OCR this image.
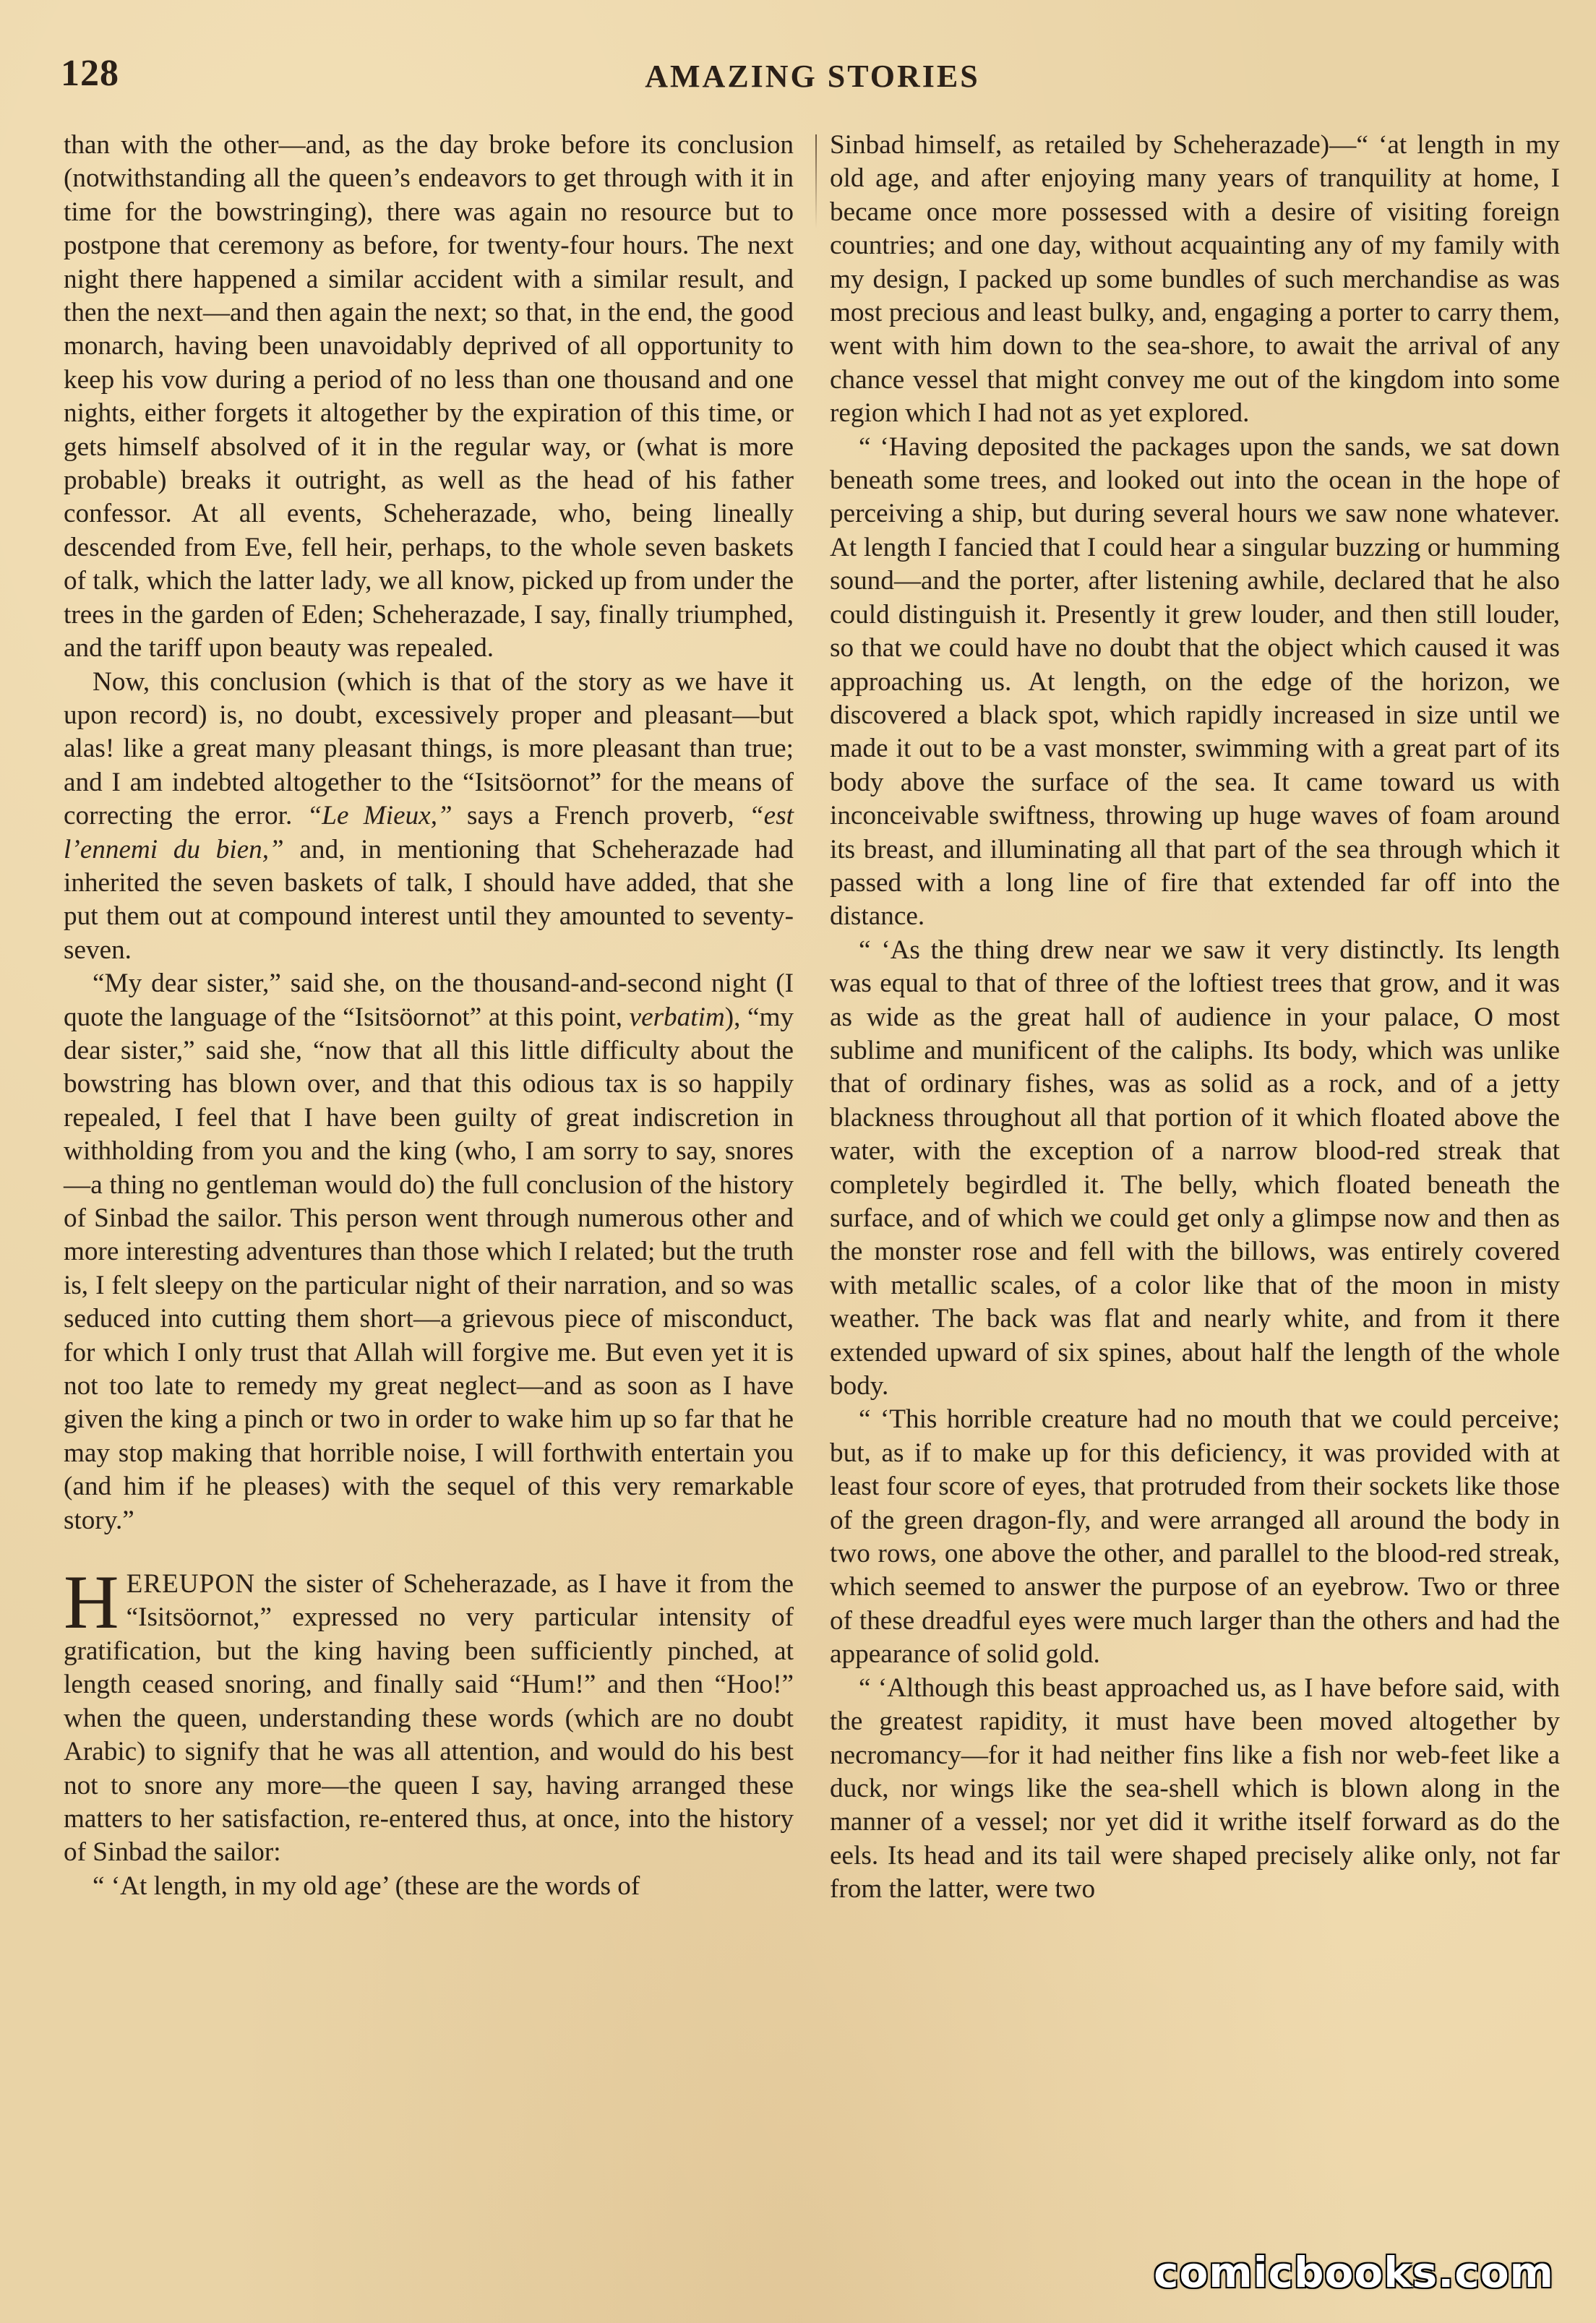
128	AMAZING STORIES

than with the other—and, as the day broke before its conclusion (notwithstanding all the queen’s endeavors to get through with it in time for the bowstringing), there was again no resource but to postpone that ceremony as before, for twenty-four hours. The next night there happened a similar accident with a similar result, and then the next—and then again the next; so that, in the end, the good monarch, having been unavoidably deprived of all opportunity to keep his vow during a period of no less than one thousand and one nights, either forgets it altogether by the expiration of this time, or gets himself absolved of it in the regular way, or (what is more probable) breaks it outright, as well as the head of his father confessor. At all events, Scheherazade, who, being lineally descended from Eve, fell heir, perhaps, to the whole seven baskets of talk, which the latter lady, we all know, picked up from under the trees in the garden of Eden; Scheherazade, I say, finally triumphed, and the tariff upon beauty was repealed.

Now, this conclusion (which is that of the story as we have it upon record) is, no doubt, excessively proper and pleasant—but alas! like a great many pleasant things, is more pleasant than true; and I am indebted altogether to the “Isitsöornot” for the means of correcting the error. “Le Mieux,” says a French proverb, “est l’ennemi du bien,” and, in mentioning that Scheherazade had inherited the seven baskets of talk, I should have added, that she put them out at compound interest until they amounted to seventy-seven.

“My dear sister,” said she, on the thousand-and-second night (I quote the language of the “Isitsöornot” at this point, verbatim), “my dear sister,” said she, “now that all this little difficulty about the bowstring has blown over, and that this odious tax is so happily repealed, I feel that I have been guilty of great indiscretion in withholding from you and the king (who, I am sorry to say, snores—a thing no gentleman would do) the full conclusion of the history of Sinbad the sailor. This person went through numerous other and more interesting adventures than those which I related; but the truth is, I felt sleepy on the particular night of their narration, and so was seduced into cutting them short—a grievous piece of misconduct, for which I only trust that Allah will forgive me. But even yet it is not too late to remedy my great neglect—and as soon as I have given the king a pinch or two in order to wake him up so far that he may stop making that horrible noise, I will forthwith entertain you (and him if he pleases) with the sequel of this very remarkable story.”

HEREUPON the sister of Scheherazade, as I have it from the “Isitsöornot,” expressed no very particular intensity of gratification, but the king having been sufficiently pinched, at length ceased snoring, and finally said “Hum!” and then “Hoo!” when the queen, understanding these words (which are no doubt Arabic) to signify that he was all attention, and would do his best not to snore any more—the queen I say, having arranged these matters to her satisfaction, re-entered thus, at once, into the history of Sinbad the sailor:

“ ‘At length, in my old age’ (these are the words of

Sinbad himself, as retailed by Scheherazade)—“ ‘at length in my old age, and after enjoying many years of tranquility at home, I became once more possessed with a desire of visiting foreign countries; and one day, without acquainting any of my family with my design, I packed up some bundles of such merchandise as was most precious and least bulky, and, engaging a porter to carry them, went with him down to the sea-shore, to await the arrival of any chance vessel that might convey me out of the kingdom into some region which I had not as yet explored.

“ ‘Having deposited the packages upon the sands, we sat down beneath some trees, and looked out into the ocean in the hope of perceiving a ship, but during several hours we saw none whatever. At length I fancied that I could hear a singular buzzing or humming sound—and the porter, after listening awhile, declared that he also could distinguish it. Presently it grew louder, and then still louder, so that we could have no doubt that the object which caused it was approaching us. At length, on the edge of the horizon, we discovered a black spot, which rapidly increased in size until we made it out to be a vast monster, swimming with a great part of its body above the surface of the sea. It came toward us with inconceivable swiftness, throwing up huge waves of foam around its breast, and illuminating all that part of the sea through which it passed with a long line of fire that extended far off into the distance.

“ ‘As the thing drew near we saw it very distinctly. Its length was equal to that of three of the loftiest trees that grow, and it was as wide as the great hall of audience in your palace, O most sublime and munificent of the caliphs. Its body, which was unlike that of ordinary fishes, was as solid as a rock, and of a jetty blackness throughout all that portion of it which floated above the water, with the exception of a narrow blood-red streak that completely begirdled it. The belly, which floated beneath the surface, and of which we could get only a glimpse now and then as the monster rose and fell with the billows, was entirely covered with metallic scales, of a color like that of the moon in misty weather. The back was flat and nearly white, and from it there extended upward of six spines, about half the length of the whole body.

“ ‘This horrible creature had no mouth that we could perceive; but, as if to make up for this deficiency, it was provided with at least four score of eyes, that protruded from their sockets like those of the green dragon-fly, and were arranged all around the body in two rows, one above the other, and parallel to the blood-red streak, which seemed to answer the purpose of an eyebrow. Two or three of these dreadful eyes were much larger than the others and had the appearance of solid gold.

“ ‘Although this beast approached us, as I have before said, with the greatest rapidity, it must have been moved altogether by necromancy—for it had neither fins like a fish nor web-feet like a duck, nor wings like the sea-shell which is blown along in the manner of a vessel; nor yet did it writhe itself forward as do the eels. Its head and its tail were shaped precisely alike only, not far from the latter, were two

comicbooks.com
